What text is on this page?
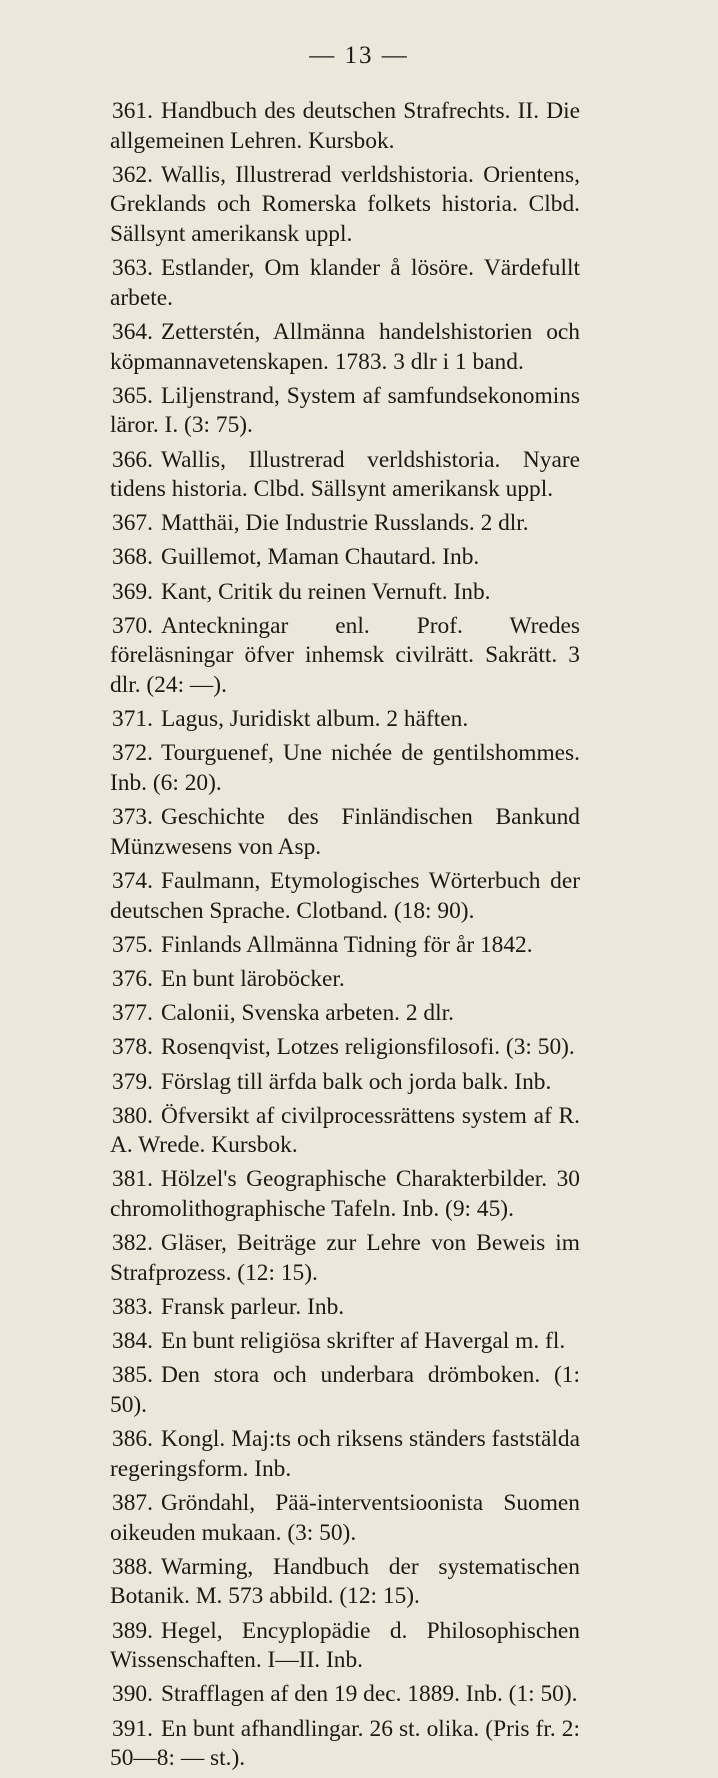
— 13 —

361. Handbuch des deutschen Strafrechts. II. Die allgemeinen Lehren. Kursbok.

362. Wallis, Illustrerad verldshistoria. Orientens, Greklands och Romerska folkets historia. Clbd. Sällsynt amerikansk uppl.

363. Estlander, Om klander å lösöre. Värdefullt arbete.

364. Zetterstén, Allmänna handelshistorien och köpmannavetenskapen. 1783. 3 dlr i 1 band.

365. Liljenstrand, System af samfundsekonomins läror. I. (3: 75).

366. Wallis, Illustrerad verldshistoria. Nyare tidens historia. Clbd. Sällsynt amerikansk uppl.

367. Matthäi, Die Industrie Russlands. 2 dlr.

368. Guillemot, Maman Chautard. Inb.

369. Kant, Critik du reinen Vernuft. Inb.

370. Anteckningar enl. Prof. Wredes föreläsningar öfver inhemsk civilrätt. Sakrätt. 3 dlr. (24: —).

371. Lagus, Juridiskt album. 2 häften.

372. Tourguenef, Une nichée de gentilshommes. Inb. (6: 20).

373. Geschichte des Finländischen Bankund Münzwesens von Asp.

374. Faulmann, Etymologisches Wörterbuch der deutschen Sprache. Clotband. (18: 90).

375. Finlands Allmänna Tidning för år 1842.

376. En bunt läroböcker.

377. Calonii, Svenska arbeten. 2 dlr.

378. Rosenqvist, Lotzes religionsfilosofi. (3: 50).

379. Förslag till ärfda balk och jorda balk. Inb.

380. Öfversikt af civilprocessrättens system af R. A. Wrede. Kursbok.

381. Hölzel's Geographische Charakterbilder. 30 chromolithographische Tafeln. Inb. (9: 45).

382. Gläser, Beiträge zur Lehre von Beweis im Strafprozess. (12: 15).

383. Fransk parleur. Inb.

384. En bunt religiösa skrifter af Havergal m. fl.

385. Den stora och underbara drömboken. (1: 50).

386. Kongl. Maj:ts och riksens ständers faststälda regeringsform. Inb.

387. Gröndahl, Pää-interventsioonista Suomen oikeuden mukaan. (3: 50).

388. Warming, Handbuch der systematischen Botanik. M. 573 abbild. (12: 15).

389. Hegel, Encyplopädie d. Philosophischen Wissenschaften. I—II. Inb.

390. Strafflagen af den 19 dec. 1889. Inb. (1: 50).

391. En bunt afhandlingar. 26 st. olika. (Pris fr. 2: 50—8: — st.).
